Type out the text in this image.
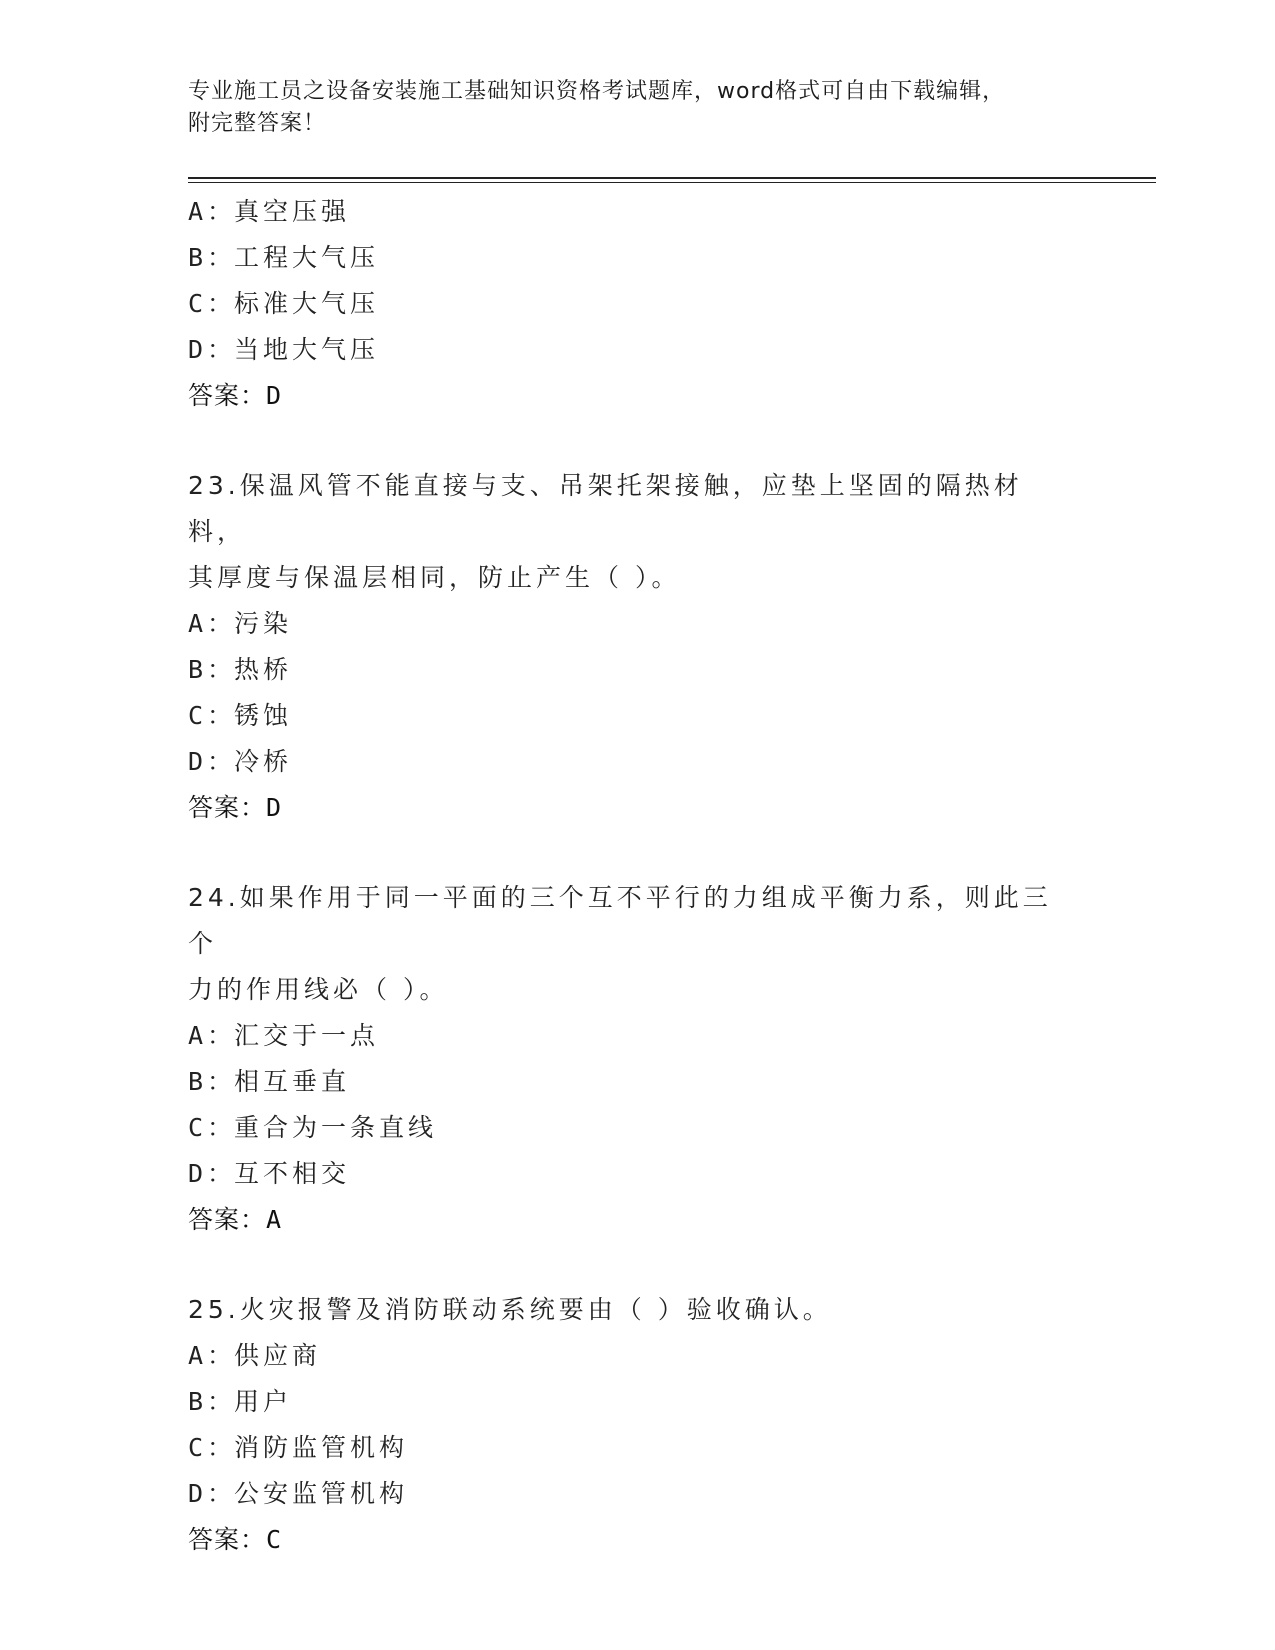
专业施工员之设备安装施工基础知识资格考试题库，word格式可自由下载编辑，
附完整答案！
A：真空压强
B：工程大气压
C：标准大气压
D：当地大气压
答案：D
23.保温风管不能直接与支、吊架托架接触，应垫上坚固的隔热材料，
其厚度与保温层相同，防止产生（ ）。
A：污染
B：热桥
C：锈蚀
D：冷桥
答案：D
24.如果作用于同一平面的三个互不平行的力组成平衡力系，则此三个
力的作用线必（ ）。
A：汇交于一点
B：相互垂直
C：重合为一条直线
D：互不相交
答案：A
25.火灾报警及消防联动系统要由（ ）验收确认。
A：供应商
B：用户
C：消防监管机构
D：公安监管机构
答案：C
